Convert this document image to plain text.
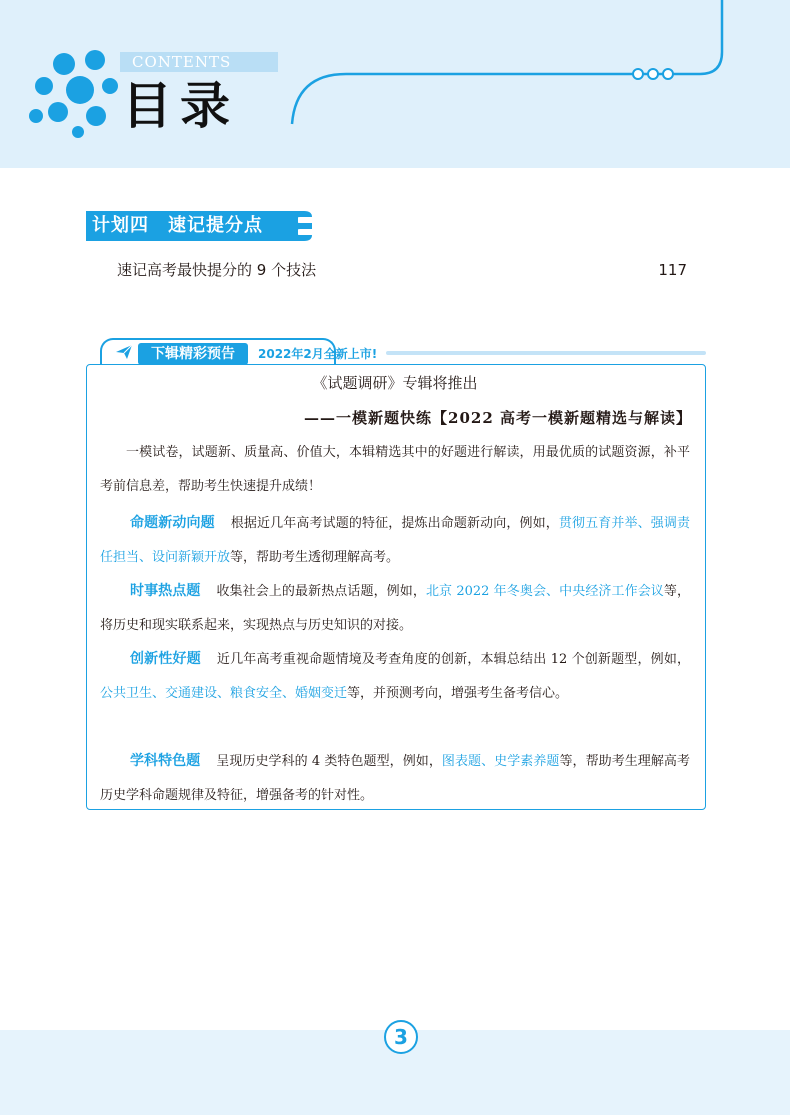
CONTENTS
目录
计划四　速记提分点
速记高考最快提分的 9 个技法	117
下辑精彩预告	2022年2月全新上市!
《试题调研》专辑将推出
——一模新题快练【2022 高考一模新题精选与解读】

一模试卷，试题新、质量高、价值大，本辑精选其中的好题进行解读，用最优质的试题资源，补平考前信息差，帮助考生快速提升成绩！

命题新动向题 根据近几年高考试题的特征，提炼出命题新动向，例如，贯彻五育并举、强调责任担当、设问新颖开放等，帮助考生透彻理解高考。

时事热点题 收集社会上的最新热点话题，例如，北京 2022 年冬奥会、中央经济工作会议等，将历史和现实联系起来，实现热点与历史知识的对接。

创新性好题 近几年高考重视命题情境及考查角度的创新，本辑总结出 12 个创新题型，例如，公共卫生、交通建设、粮食安全、婚姻变迁等，并预测考向，增强考生备考信心。

学科特色题 呈现历史学科的 4 类特色题型，例如，图表题、史学素养题等，帮助考生理解高考历史学科命题规律及特征，增强备考的针对性。

3
